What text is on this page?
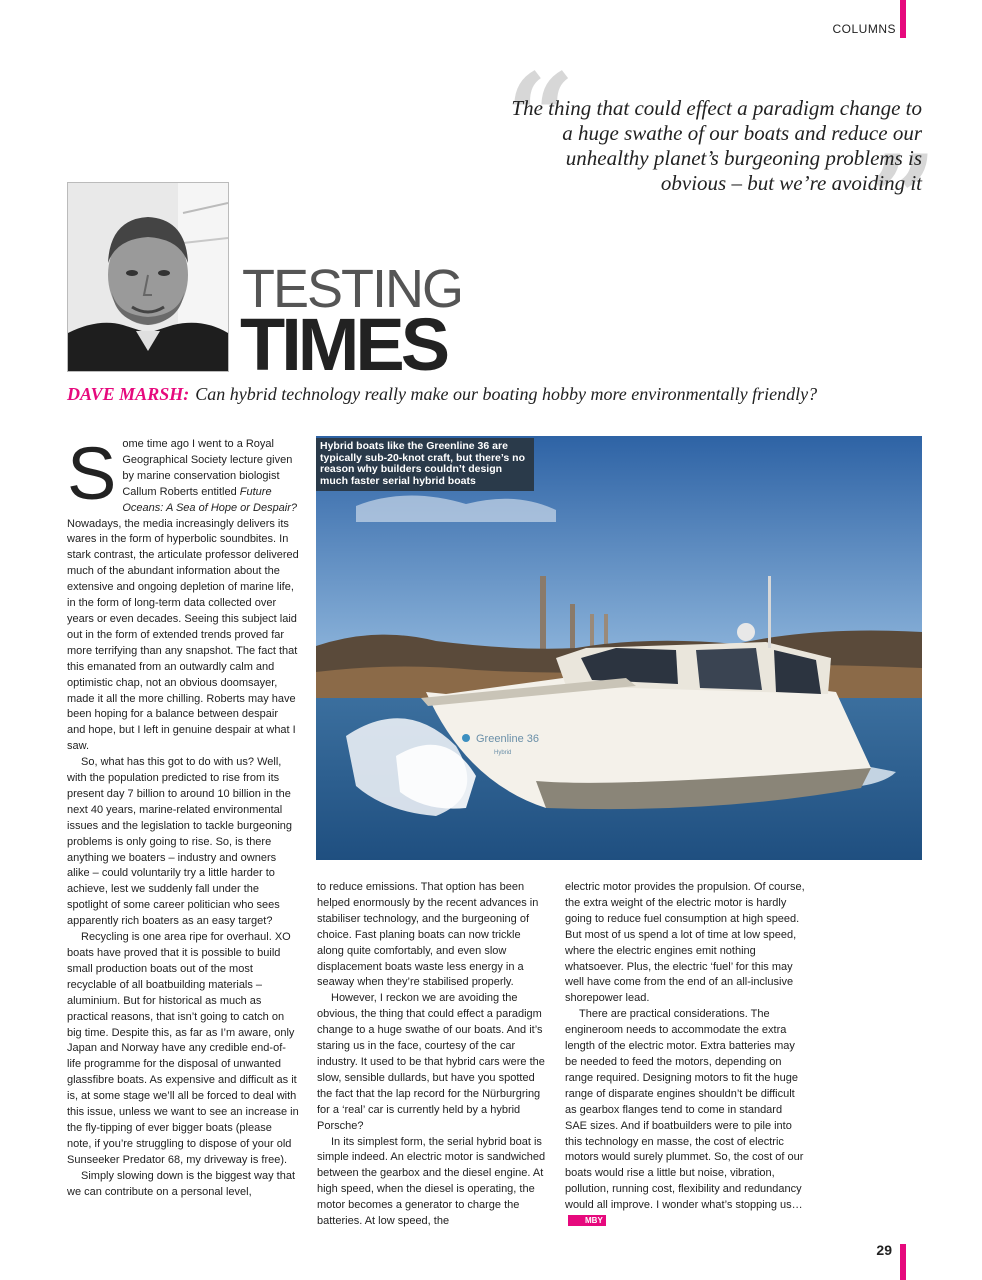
COLUMNS
“
”
The thing that could effect a paradigm change to a huge swathe of our boats and reduce our unhealthy planet’s burgeoning problems is obvious – but we’re avoiding it
TESTING
TIMES
DAVE MARSH: Can hybrid technology really make our boating hobby more environmentally friendly?
S ome time ago I went to a Royal Geographical Society lecture given by marine conservation biologist Callum Roberts entitled Future Oceans: A Sea of Hope or Despair? Nowadays, the media increasingly delivers its wares in the form of hyperbolic soundbites. In stark contrast, the articulate professor delivered much of the abundant information about the extensive and ongoing depletion of marine life, in the form of long-term data collected over years or even decades. Seeing this subject laid out in the form of extended trends proved far more terrifying than any snapshot. The fact that this emanated from an outwardly calm and optimistic chap, not an obvious doomsayer, made it all the more chilling. Roberts may have been hoping for a balance between despair and hope, but I left in genuine despair at what I saw.

So, what has this got to do with us? Well, with the population predicted to rise from its present day 7 billion to around 10 billion in the next 40 years, marine-related environmental issues and the legislation to tackle burgeoning problems is only going to rise. So, is there anything we boaters – industry and owners alike – could voluntarily try a little harder to achieve, lest we suddenly fall under the spotlight of some career politician who sees apparently rich boaters as an easy target?

Recycling is one area ripe for overhaul. XO boats have proved that it is possible to build small production boats out of the most recyclable of all boatbuilding materials – aluminium. But for historical as much as practical reasons, that isn’t going to catch on big time. Despite this, as far as I’m aware, only Japan and Norway have any credible end-of-life programme for the disposal of unwanted glassfibre boats. As expensive and difficult as it is, at some stage we’ll all be forced to deal with this issue, unless we want to see an increase in the fly-tipping of ever bigger boats (please note, if you’re struggling to dispose of your old Sunseeker Predator 68, my driveway is free).

Simply slowing down is the biggest way that we can contribute on a personal level,

Greenline 36
Hybrid
Hybrid boats like the Greenline 36 are typically sub-20-knot craft, but there’s no reason why builders couldn’t design much faster serial hybrid boats

to reduce emissions. That option has been helped enormously by the recent advances in stabiliser technology, and the burgeoning of choice. Fast planing boats can now trickle along quite comfortably, and even slow displacement boats waste less energy in a seaway when they’re stabilised properly.

However, I reckon we are avoiding the obvious, the thing that could effect a paradigm change to a huge swathe of our boats. And it’s staring us in the face, courtesy of the car industry. It used to be that hybrid cars were the slow, sensible dullards, but have you spotted the fact that the lap record for the Nürburgring for a ‘real’ car is currently held by a hybrid Porsche?

In its simplest form, the serial hybrid boat is simple indeed. An electric motor is sandwiched between the gearbox and the diesel engine. At high speed, when the diesel is operating, the motor becomes a generator to charge the batteries. At low speed, the

electric motor provides the propulsion. Of course, the extra weight of the electric motor is hardly going to reduce fuel consumption at high speed. But most of us spend a lot of time at low speed, where the electric engines emit nothing whatsoever. Plus, the electric ‘fuel’ for this may well have come from the end of an all-inclusive shorepower lead.

There are practical considerations. The engineroom needs to accommodate the extra length of the electric motor. Extra batteries may be needed to feed the motors, depending on range required. Designing motors to fit the huge range of disparate engines shouldn’t be difficult as gearbox flanges tend to come in standard SAE sizes. And if boatbuilders were to pile into this technology en masse, the cost of electric motors would surely plummet. So, the cost of our boats would rise a little but noise, vibration, pollution, running cost, flexibility and redundancy would all improve. I wonder what’s stopping us…MBY

29
